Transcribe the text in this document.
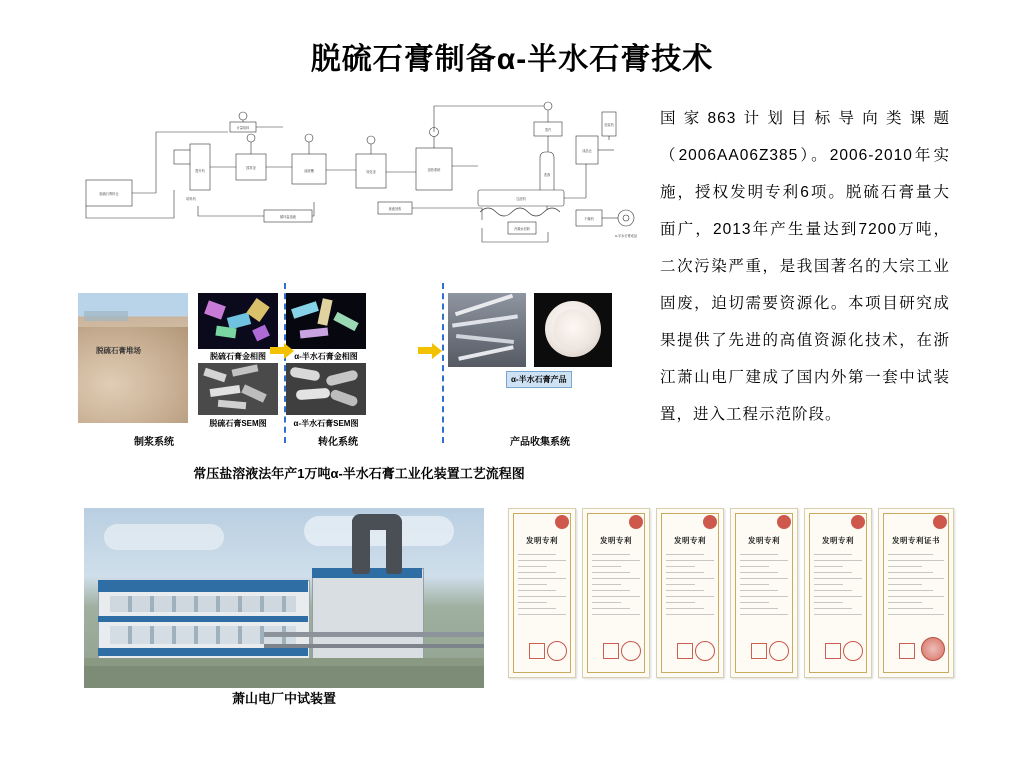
脱硫石膏制备α-半水石膏技术
脱硫石膏料仓
给料机
计量给料
提升机
搅拌釜
溶液槽	转化釜	加热系统
蒸汽
洗涤
过滤机
成品仓
包装机
干燥机
循环盐溶液
废液回收
冷凝水回收
α-半水石膏成品
国家863计划目标导向类课题（2006AA06Z385）。2006-2010年实施，授权发明专利6项。脱硫石膏量大面广，2013年产生量达到7200万吨，二次污染严重，是我国著名的大宗工业固废，迫切需要资源化。本项目研究成果提供了先进的高值资源化技术，在浙江萧山电厂建成了国内外第一套中试装置，进入工程示范阶段。
脱硫石膏堆场
脱硫石膏金相图	α-半水石膏金相图
脱硫石膏SEM图	α-半水石膏SEM图
α-半水石膏产品
制浆系统	转化系统	产品收集系统
常压盐溶液法年产1万吨α-半水石膏工业化装置工艺流程图
萧山电厂中试装置
发明专利	发明专利	发明专利	发明专利	发明专利	发明专利证书
